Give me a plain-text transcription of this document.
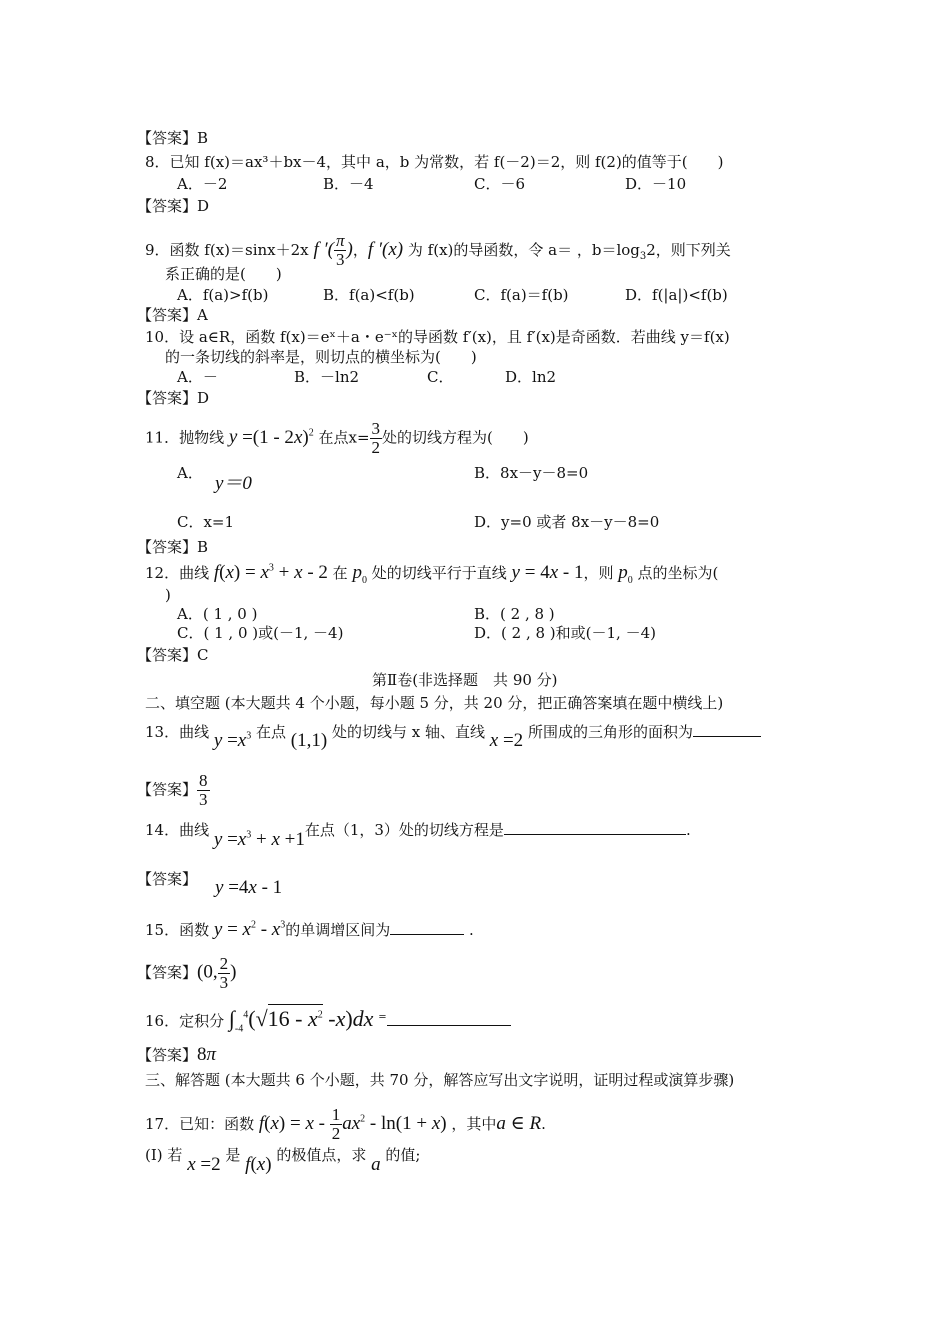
【答案】B
8．已知 f(x)＝ax³＋bx－4，其中 a，b 为常数，若 f(－2)＝2，则 f(2)的值等于(　　)
A．－2	B．－4	C．－6	D．－10
【答案】D
9．函数 f(x)＝sinx＋2x f ′( $\frac{\pi}{3}$ )，f ′(x) 为 f(x)的导函数，令 a＝ ，$b=\log_32$，则下列关
系正确的是(　　)
A．f(a)>f(b)	B．f(a)<f(b)	C．f(a)＝f(b)	D．f(|a|)<f(b)
【答案】A
10．设 a∈R，函数 f(x)＝eˣ＋a・e⁻ˣ的导函数 f′(x)，且 f′(x)是奇函数．若曲线 y＝f(x)
的一条切线的斜率是，则切点的横坐标为(　　)
A．－	B．－ln2	C．	D．ln2
【答案】D
11．抛物线 y =(1 - 2x)$^2$ 在点$x= \frac{3}{2}$ 处的切线方程为(　　)
A． y＝0	B．8x－y－8=0
C．x=1	D．y=0 或者 8x－y－8=0
【答案】B
12．曲线 $f(x) = x^3 + x - 2$ 在 $p_0$ 处的切线平行于直线 y = 4x - 1，则 $p_0$ 点的坐标为(
)
A．( 1 , 0 )	B．( 2 , 8 )
C．( 1 , 0 )或(－1, －4)	D．( 2 , 8 )和或(－1, －4)
【答案】C
第Ⅱ卷(非选择题　共 90 分)
二、填空题 (本大题共 4 个小题，每小题 5 分，共 20 分，把正确答案填在题中横线上)
13．曲线 $y =x^3$ 在点 (1,1) 处的切线与 x 轴、直线 x =2 所围成的三角形的面积为
【答案】 $\frac{8}{3}$
14．曲线 $y =x^3 + x +1$在点（1，3）处的切线方程是	.
【答案】 y =4x - 1
15．函数 $y = x^2 - x^3$的单调增区间为	.
【答案】(0, $\frac{2}{3}$ )
16．定积分 $\int_{-4}^4(√16 - x^2$ -x)dx =
【答案】8π
三、解答题 (本大题共 6 个小题，共 70 分，解答应写出文字说明，证明过程或演算步骤)
17．已知：函数 $f(x) = x - \frac{1}{2} ax^2 - \ln(1 + x)$ ，其中a ∈ R.
(I) 若 x =2 是 f(x) 的极值点，求 a 的值;
